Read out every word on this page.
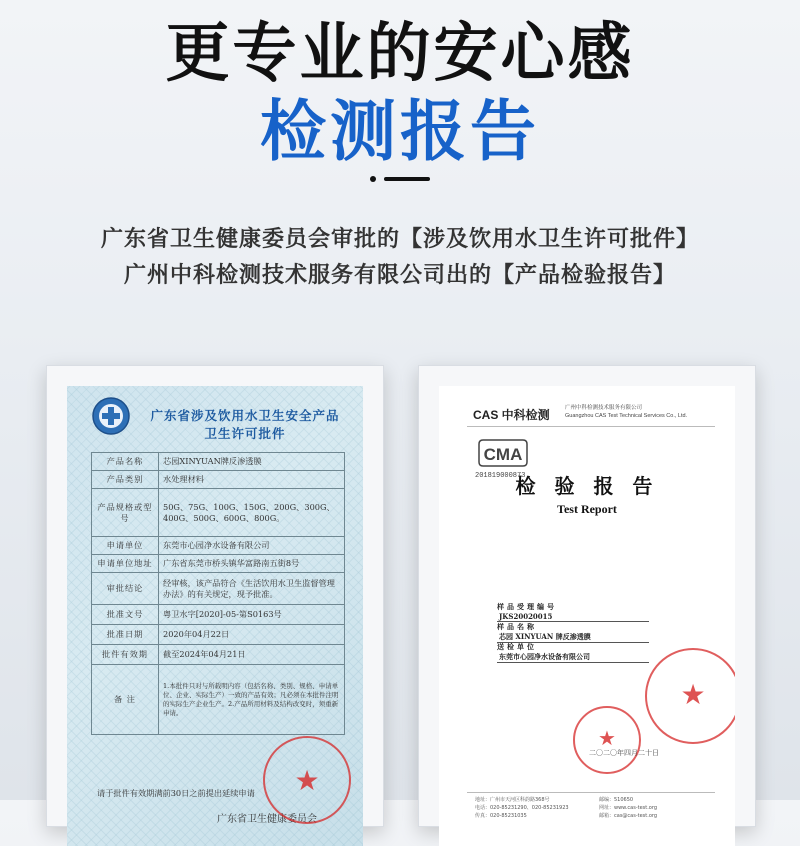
更专业的安心感
检测报告
广东省卫生健康委员会审批的【涉及饮用水卫生许可批件】
广州中科检测技术服务有限公司出的【产品检验报告】
广东省涉及饮用水卫生安全产品
卫生许可批件
产品名称	芯园XINYUAN牌反渗透膜
产品类别	水处理材料
产品规格或型号	50G、75G、100G、150G、200G、300G、400G、500G、600G、800G。
申请单位	东莞市心园净水设备有限公司
申请单位地址	广东省东莞市桥头镇华富路南五街8号
审批结论	经审核，该产品符合《生活饮用水卫生监督管理办法》的有关规定，现予批准。
批准文号	粤卫水字[2020]-05-第S0163号
批准日期	2020年04月22日
批件有效期	截至2024年04月21日
备 注	1.本批件只对与所载明内容（包括名称、类别、规格、申请单位、企业、实际生产）一致的产品有效；凡必须在本批件注明的实际生产企业生产。2.产品所用材料及结构改变时，须重新申请。
请于批件有效期满前30日之前提出延续申请
广东省卫生健康委员会
★
CAS 中科检测	广州中科检测技术服务有限公司
Guangzhou CAS Test Technical Services Co., Ltd.
CMA
201819000873
检 验 报 告
Test Report
样品受理编号JKS20020015
样品名称芯园 XINYUAN 牌反渗透膜
送检单位东莞市心园净水设备有限公司
★
★
二〇二〇年四月二十日
地址：广州市天河区科韵路368号
电话：020-85231290、020-85231923
传真：020-85231035
邮编：510650
网址：www.cas-test.org
邮箱：cas@cas-test.org
